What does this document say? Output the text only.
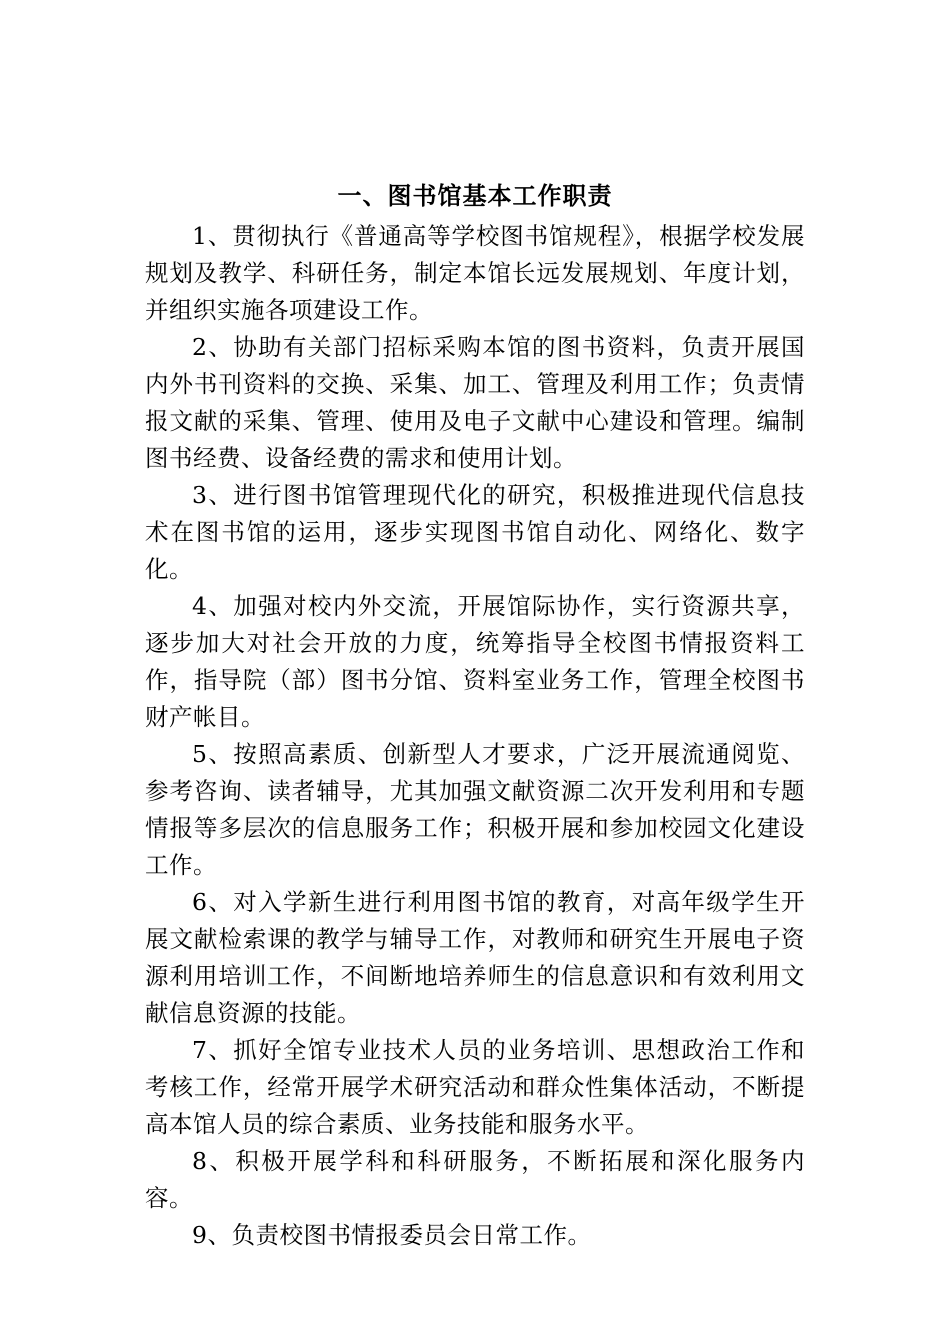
一、图书馆基本工作职责

1、贯彻执行《普通高等学校图书馆规程》，根据学校发展规划及教学、科研任务，制定本馆长远发展规划、年度计划，并组织实施各项建设工作。

2、协助有关部门招标采购本馆的图书资料，负责开展国内外书刊资料的交换、采集、加工、管理及利用工作；负责情报文献的采集、管理、使用及电子文献中心建设和管理。编制图书经费、设备经费的需求和使用计划。

3、进行图书馆管理现代化的研究，积极推进现代信息技术在图书馆的运用，逐步实现图书馆自动化、网络化、数字化。

4、加强对校内外交流，开展馆际协作，实行资源共享，逐步加大对社会开放的力度，统筹指导全校图书情报资料工作，指导院（部）图书分馆、资料室业务工作，管理全校图书财产帐目。

5、按照高素质、创新型人才要求，广泛开展流通阅览、参考咨询、读者辅导，尤其加强文献资源二次开发利用和专题情报等多层次的信息服务工作；积极开展和参加校园文化建设工作。

6、对入学新生进行利用图书馆的教育，对高年级学生开展文献检索课的教学与辅导工作，对教师和研究生开展电子资源利用培训工作，不间断地培养师生的信息意识和有效利用文献信息资源的技能。

7、抓好全馆专业技术人员的业务培训、思想政治工作和考核工作，经常开展学术研究活动和群众性集体活动，不断提高本馆人员的综合素质、业务技能和服务水平。

8、积极开展学科和科研服务，不断拓展和深化服务内容。

9、负责校图书情报委员会日常工作。
